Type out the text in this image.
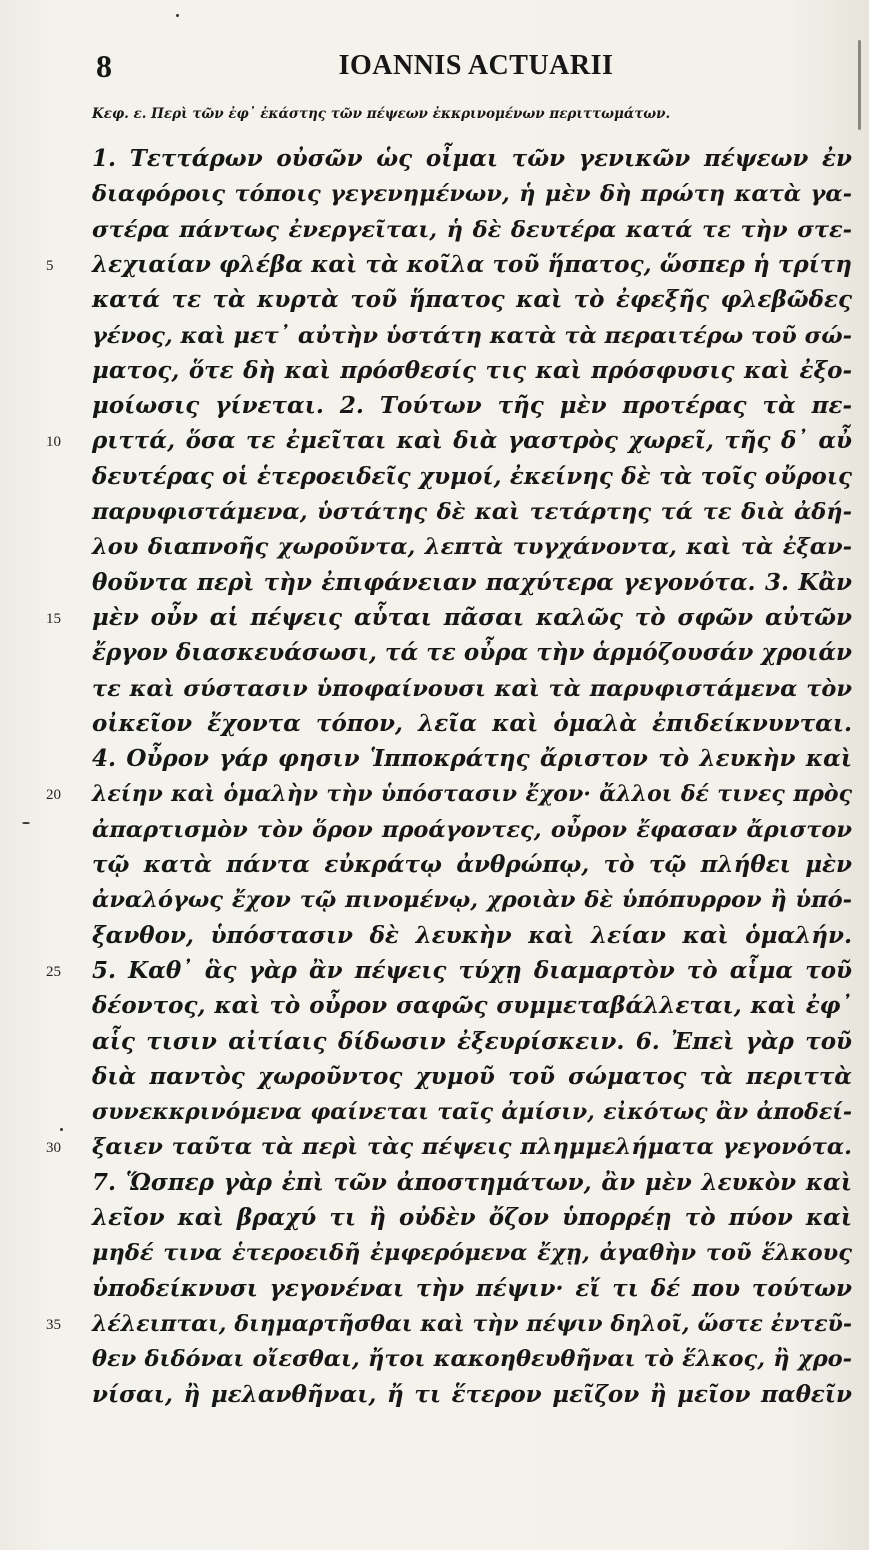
8	IOANNIS ACTUARII
Κεφ. ε. Περὶ τῶν ἐφ᾽ ἑκάστης τῶν πέψεων ἐκκρινομένων περιττωμάτων.
1. Τεττάρων οὐσῶν ὡς οἶμαι τῶν γενικῶν πέψεων ἐν
διαφόροις τόποις γεγενημένων, ἡ μὲν δὴ πρώτη κατὰ γα-
στέρα πάντως ἐνεργεῖται, ἡ δὲ δευτέρα κατά τε τὴν στε-
5	λεχιαίαν φλέβα καὶ τὰ κοῖλα τοῦ ἥπατος, ὥσπερ ἡ τρίτη
κατά τε τὰ κυρτὰ τοῦ ἥπατος καὶ τὸ ἐφεξῆς φλεβῶδες
γένος, καὶ μετ᾽ αὐτὴν ὑστάτη κατὰ τὰ περαιτέρω τοῦ σώ-
ματος, ὅτε δὴ καὶ πρόσθεσίς τις καὶ πρόσφυσις καὶ ἐξο-
μοίωσις γίνεται. 2. Τούτων τῆς μὲν προτέρας τὰ πε-
10	ριττά, ὅσα τε ἐμεῖται καὶ διὰ γαστρὸς χωρεῖ, τῆς δ᾽ αὖ
δευτέρας οἱ ἑτεροειδεῖς χυμοί, ἐκείνης δὲ τὰ τοῖς οὔροις
παρυφιστάμενα, ὑστάτης δὲ καὶ τετάρτης τά τε διὰ ἀδή-
λου διαπνοῆς χωροῦντα, λεπτὰ τυγχάνοντα, καὶ τὰ ἐξαν-
θοῦντα περὶ τὴν ἐπιφάνειαν παχύτερα γεγονότα. 3. Κἂν
15	μὲν οὖν αἱ πέψεις αὗται πᾶσαι καλῶς τὸ σφῶν αὐτῶν
ἔργον διασκευάσωσι, τά τε οὖρα τὴν ἁρμόζουσάν χροιάν
τε καὶ σύστασιν ὑποφαίνουσι καὶ τὰ παρυφιστάμενα τὸν
οἰκεῖον ἔχοντα τόπον, λεῖα καὶ ὁμαλὰ ἐπιδείκνυνται.
4. Οὖρον γάρ φησιν Ἱπποκράτης ἄριστον τὸ λευκὴν καὶ
20	λείην καὶ ὁμαλὴν τὴν ὑπόστασιν ἔχον· ἄλλοι δέ τινες πρὸς
ἀπαρτισμὸν τὸν ὅρον προάγοντες, οὖρον ἔφασαν ἄριστον
τῷ κατὰ πάντα εὐκράτῳ ἀνθρώπῳ, τὸ τῷ πλήθει μὲν
ἀναλόγως ἔχον τῷ πινομένῳ, χροιὰν δὲ ὑπόπυρρον ἢ ὑπό-
ξανθον, ὑπόστασιν δὲ λευκὴν καὶ λείαν καὶ ὁμαλήν.
25	5. Καθ᾽ ἃς γὰρ ἂν πέψεις τύχῃ διαμαρτὸν τὸ αἷμα τοῦ
δέοντος, καὶ τὸ οὖρον σαφῶς συμμεταβάλλεται, καὶ ἐφ᾽
αἷς τισιν αἰτίαις δίδωσιν ἐξευρίσκειν. 6. Ἐπεὶ γὰρ τοῦ
διὰ παντὸς χωροῦντος χυμοῦ τοῦ σώματος τὰ περιττὰ
συνεκκρινόμενα φαίνεται ταῖς ἀμίσιν, εἰκότως ἂν ἀποδεί-
30	ξαιεν ταῦτα τὰ περὶ τὰς πέψεις πλημμελήματα γεγονότα.
7. Ὥσπερ γὰρ ἐπὶ τῶν ἀποστημάτων, ἂν μὲν λευκὸν καὶ
λεῖον καὶ βραχύ τι ἢ οὐδὲν ὄζον ὑπορρέῃ τὸ πύον καὶ
μηδέ τινα ἑτεροειδῆ ἐμφερόμενα ἔχῃ, ἀγαθὴν τοῦ ἕλκους
ὑποδείκνυσι γεγονέναι τὴν πέψιν· εἴ τι δέ που τούτων
35	λέλειπται, διημαρτῆσθαι καὶ τὴν πέψιν δηλοῖ, ὥστε ἐντεῦ-
θεν διδόναι οἴεσθαι, ἤτοι κακοηθευθῆναι τὸ ἕλκος, ἢ χρο-
νίσαι, ἢ μελανθῆναι, ἤ τι ἕτερον μεῖζον ἢ μεῖον παθεῖν
